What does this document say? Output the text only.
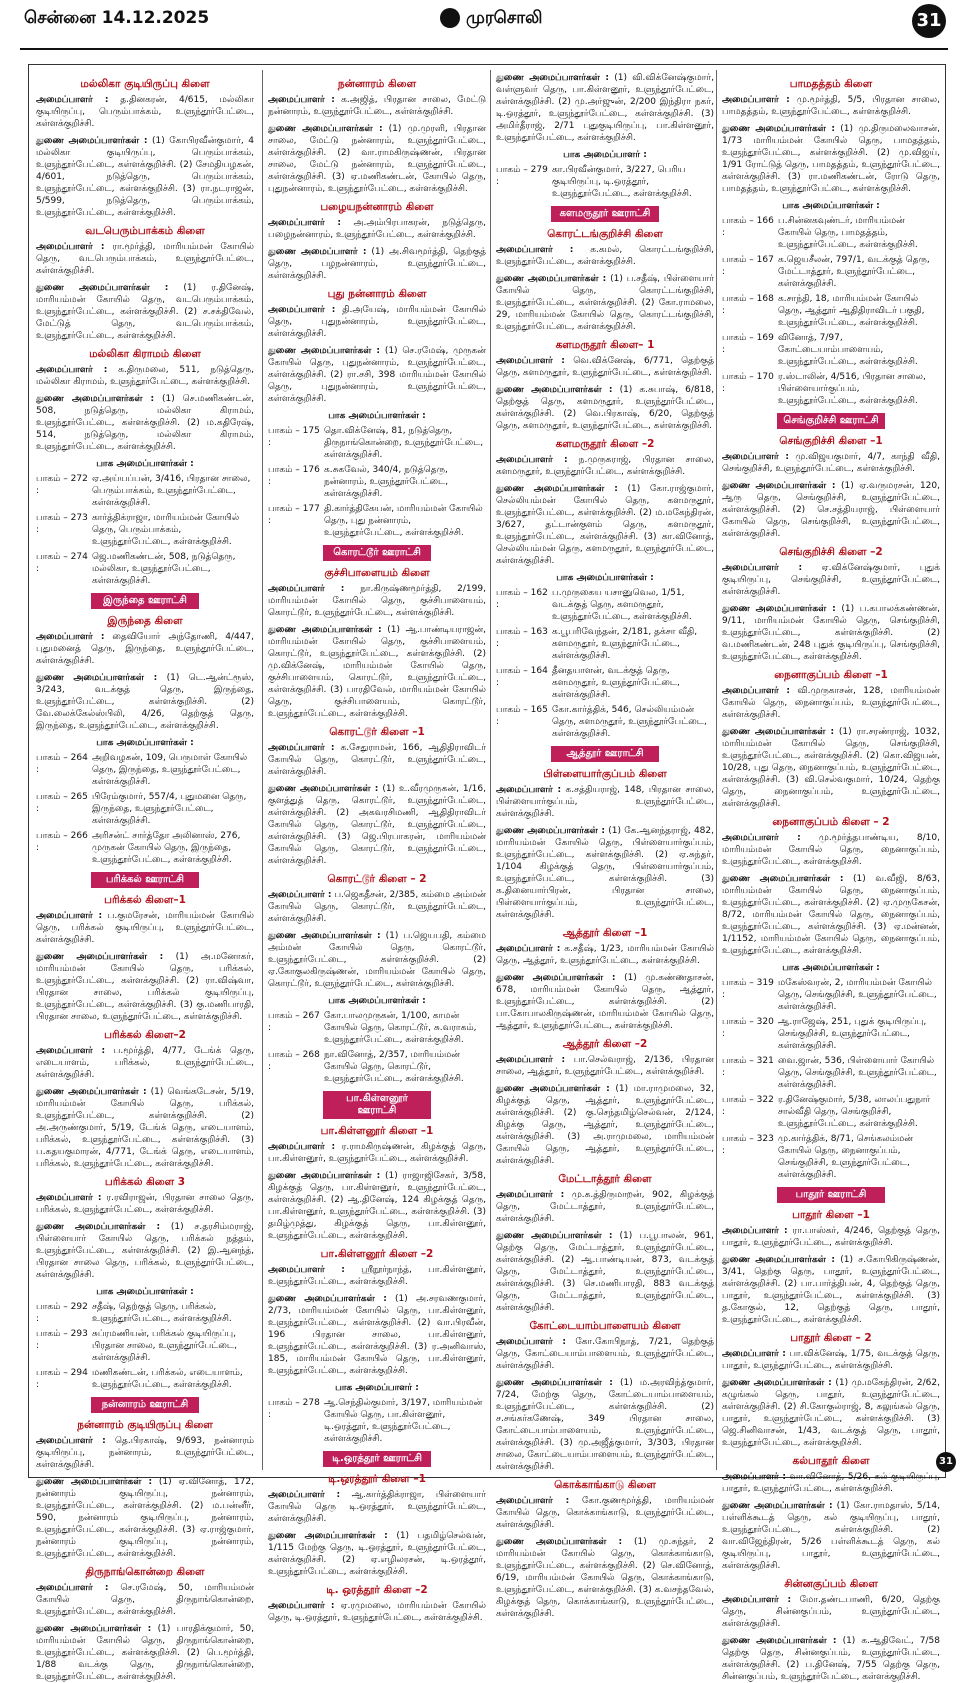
சென்னை 14.12.2025	முரசொலி	31
மல்லிகா குடியிருப்பு கிளை

அமைப்பாளர் : த.தினகரன், 4/615, மல்லிகா குடியிருப்பு, பெரும்பாக்கம், உளுந்தூர்பேட்டை, கள்ளக்குறிச்சி.

துணை அமைப்பாளர்கள் : (1) கோபிரவீன்குமார், 4 மல்லிகா குடியிருப்பு, பெரும்பாக்கம், உளுந்தூர்பேட்டை, கள்ளக்குறிச்சி. (2) சேமதியழகன், 4/601, நடுத்தெரு, பெரும்பாக்கம், உளுந்தூர்பேட்டை, கள்ளக்குறிச்சி. (3) ரா.நடராஜன், 5/599, நடுத்தெரு, பெரும்பாக்கம், உளுந்தூர்பேட்டை, கள்ளக்குறிச்சி.

வடபெரும்பாக்கம் கிளை

அமைப்பாளர் : ரா.மூர்த்தி, மாரியம்மன் கோயில் தெரு, வடபெரும்பாக்கம், உளுந்தூர்பேட்டை, கள்ளக்குறிச்சி.

துணை அமைப்பாளர்கள் : (1) ர.தினேஷ், மாரியம்மன் கோயில் தெரு, வடபெரும்பாக்கம், உளுந்தூர்பேட்டை, கள்ளக்குறிச்சி. (2) ச.சக்திவேல், மேட்டுத் தெரு, வடபெரும்பாக்கம், உளுந்தூர்பேட்டை, கள்ளக்குறிச்சி.

மல்லிகா கிராமம் கிளை

அமைப்பாளர் : க.திருமலை, 511, நடுத்தெரு, மல்லிகா கிராமம், உளுந்தூர்பேட்டை, கள்ளக்குறிச்சி.

துணை அமைப்பாளர்கள் : (1) செ.மணிகண்டன், 508, நடுத்தெரு, மல்லிகா கிராமம், உளுந்தூர்பேட்டை, கள்ளக்குறிச்சி. (2) ம.கதிரேஷ், 514, நடுத்தெரு, மல்லிகா கிராமம், உளுந்தூர்பேட்டை, கள்ளக்குறிச்சி.

பாக அமைப்பாளர்கள் :
பாகம் – 272 :
ஏ.அய்யப்பன், 3/416, பிரதான சாலை, பெரும்பாக்கம், உளுந்தூர்பேட்டை, கள்ளக்குறிச்சி.
பாகம் – 273 :
கார்த்திக்ராஜா, மாரியம்மன் கோயில் தெரு, பெரும்பாக்கம், உளுந்தூர்பேட்டை, கள்ளக்குறிச்சி.
பாகம் – 274 :
ஜெ.மணிகண்டன், 508, நடுத்தெரு, மல்லிகா, உளுந்தூர்பேட்டை, கள்ளக்குறிச்சி.
இருந்தை ஊராட்சி
இருந்தை கிளை

அமைப்பாளர் : தைவியோர் அந்தோணி, 4/447, புதுமனைத் தெரு, இருந்தை, உளுந்தூர்பேட்டை, கள்ளக்குறிச்சி.

துணை அமைப்பாளர்கள் : (1) டெ.ஆன்ட்ரூஸ், 3/243, வடக்குத் தெரு, இருந்தை, உளுந்தூர்பேட்டை, கள்ளக்குறிச்சி. (2) வே.லைக்கேல்ஸ்பிலி, 4/26, தெற்குத் தெரு, இருந்தை, உளுந்தூர்பேட்டை, கள்ளக்குறிச்சி.

பாக அமைப்பாளர்கள் :
பாகம் – 264 :
அறிவழகன், 109, பெருமாள் கோயில் தெரு, இருந்தை, உளுந்தூர்பேட்டை, கள்ளக்குறிச்சி.
பாகம் – 265 :
பிரேம்குமார், 557/4, புதுமனை தெரு, இருந்தை, உளுந்தூர்பேட்டை, கள்ளக்குறிச்சி.
பாகம் – 266 :
அரிசன்ட் சார்த்தோ அலினாஸ், 276, முருகன் கோயில் தெரு, இருந்தை, உளுந்தூர்பேட்டை, கள்ளக்குறிச்சி.
பரிக்கல் ஊராட்சி
பரிக்கல் கிளை–1

அமைப்பாளர் : ப.குமரேசன், மாரியம்மன் கோயில் தெரு, பரிக்கல் குடியிருப்பு, உளுந்தூர்பேட்டை, கள்ளக்குறிச்சி.

துணை அமைப்பாளர்கள் : (1) அ.மனோகர், மாரியம்மன் கோயில் தெரு, பரிக்கல், உளுந்தூர்பேட்டை, கள்ளக்குறிச்சி. (2) ரா.விஷ்வா, பிரதான சாலை, பரிக்கல் குடியிருப்பு, உளுந்தூர்பேட்டை, கள்ளக்குறிச்சி. (3) கு.மணிபாரதி, பிரதான சாலை, உளுந்தூர்பேட்டை, கள்ளக்குறிச்சி.

பரிக்கல் கிளை–2

அமைப்பாளர் : ப.மூர்த்தி, 4/77, டேங்க் தெரு, எடையாளம், பரிக்கல், உளுந்தூர்பேட்டை, கள்ளக்குறிச்சி.

துணை அமைப்பாளர்கள் : (1) வெங்கடேசன், 5/19, மாரியம்மன் கோயில் தெரு, பரிக்கல், உளுந்தூர்பேட்டை, கள்ளக்குறிச்சி. (2) அ.அருண்குமார், 5/19, டேங்க் தெரு, எடையாளம், பரிக்கல், உளுந்தூர்பேட்டை, கள்ளக்குறிச்சி. (3) ப.கதயகுமாரன், 4/771, டேங்க் தெரு, எடையாளம், பரிக்கல், உளுந்தூர்பேட்டை, கள்ளக்குறிச்சி.

பரிக்கல் கிளை 3

அமைப்பாளர் : ர.ரவிராஜன், பிரதான சாலை தெரு, பரிக்கல், உளுந்தூர்பேட்டை, கள்ளக்குறிச்சி.

துணை அமைப்பாளர்கள் : (1) ச.தரசிம்மராஜ், பிள்ளையார் கோயில் தெரு, பரிக்கல் நத்தம், உளுந்தூர்பேட்டை, கள்ளக்குறிச்சி. (2) இ.ஆனந்த், பிரதான சாலை தெரு, பரிக்கல், உளுந்தூர்பேட்டை, கள்ளக்குறிச்சி.

பாக அமைப்பாளர்கள் :
பாகம் – 292 :
சதீஷ், தெற்குத் தெரு, பரிக்கல், உளுந்தூர்பேட்டை, கள்ளக்குறிச்சி.
பாகம் – 293 :
சுப்ரமணியன், பரிக்கல் குடியிருப்பு, பிரதான சாலை, உளுந்தூர்பேட்டை, கள்ளக்குறிச்சி.
பாகம் – 294 :
மணிகண்டன், பரிக்கல், எடையாளம், உளுந்தூர்பேட்டை, கள்ளக்குறிச்சி.
நன்னாரம் ஊராட்சி
நன்னாரம் குடியிருப்பு கிளை

அமைப்பாளர் : தெ.பிரகாஷ், 9/693, நன்னாரம் குடியிருப்பு, நன்னாரம், உளுந்தூர்பேட்டை, கள்ளக்குறிச்சி.

துணை அமைப்பாளர்கள் : (1) ஏ.வினோத், 172, நன்னாரம் குடியிருப்பு, நன்னாரம், உளுந்தூர்பேட்டை, கள்ளக்குறிச்சி. (2) ம.பன்னீர், 590, நன்னாரம் குடியிருப்பு, நன்னாரம், உளுந்தூர்பேட்டை, கள்ளக்குறிச்சி. (3) ஏ.ராஜ்குமார், நன்னாரம் குடியிருப்பு, நன்னாரம், உளுந்தூர்பேட்டை, கள்ளக்குறிச்சி.

திருநாங்கொன்றை கிளை

அமைப்பாளர் : செ.ரமேஷ், 50, மாரியம்மன் கோயில் தெரு, திருநாங்கொன்றை, உளுந்தூர்பேட்டை, கள்ளக்குறிச்சி.

துணை அமைப்பாளர்கள் : (1) பாரதிக்குமார், 50, மாரியம்மன் கோயில் தெரு, திருநாங்கொன்றை, உளுந்தூர்பேட்டை, கள்ளக்குறிச்சி. (2) பெ.மூர்த்தி, 1/88 வடக்கு தெரு, திருநாங்கொன்றை, உளுந்தூர்பேட்டை, கள்ளக்குறிச்சி.

நன்னாரம் கிளை

அமைப்பாளர் : க.அஜித், பிரதான சாலை, மேட்டு நன்னாரம், உளுந்தூர்பேட்டை, கள்ளக்குறிச்சி.

துணை அமைப்பாளர்கள் : (1) மு.முரளி, பிரதான சாலை, மேட்டு நன்னாரம், உளுந்தூர்பேட்டை, கள்ளக்குறிச்சி. (2) வா.ராமகிருஷ்ணன், பிரதான சாலை, மேட்டு நன்னாரம், உளுந்தூர்பேட்டை, கள்ளக்குறிச்சி. (3) ஏ.மணிகண்டன், கோயில் தெரு, புதுநன்னாரம், உளுந்தூர்பேட்டை, கள்ளக்குறிச்சி.

பழையநன்னாரம் கிளை

அமைப்பாளர் : அ.அம்பிரபாகரன், நடுத்தெரு, பழைநன்னாரம், உளுந்தூர்பேட்டை, கள்ளக்குறிச்சி.

துணை அமைப்பாளர் : (1) அ.சிவமூர்த்தி, தெற்குத் தெரு, பழநன்னாரம், உளுந்தூர்பேட்டை, கள்ளக்குறிச்சி.

புது நன்னாரம் கிளை

அமைப்பாளர் : தி.அயேஷ், மாரியம்மன் கோயில் தெரு, புதுநன்னாரம், உளுந்தூர்பேட்டை, கள்ளக்குறிச்சி.

துணை அமைப்பாளர்கள் : (1) செ.ரமேஷ், முருகன் கோயில் தெரு, புதுநன்னாரம், உளுந்தூர்பேட்டை, கள்ளக்குறிச்சி. (2) ரா.சசி, 398 மாரியம்மன் கோயில் தெரு, புதுநன்னாரம், உளுந்தூர்பேட்டை, கள்ளக்குறிச்சி.

பாக அமைப்பாளர்கள் :
பாகம் – 175 :
தொ.விக்னேஷ், 81, நடுத்தெரு, திருநாங்கொன்றை, உளுந்தூர்பேட்டை, கள்ளக்குறிச்சி.
பாகம் – 176 :
க.சுகவேல், 340/4, நடுத்தெரு, நன்னாரம், உளுந்தூர்பேட்டை, கள்ளக்குறிச்சி.
பாகம் – 177 :
தி.கார்த்திகேயன், மாரியம்மன் கோயில் தெரு, புது நன்னாரம், உளுந்தூர்பேட்டை, கள்ளக்குறிச்சி.
கொரட்டூர் ஊராட்சி
குச்சிபாளையம் கிளை

அமைப்பாளர் : நா.கிருஷ்ணமூர்த்தி, 2/199, மாரியம்மன் கோயில் தெரு, குச்சிபாளையம், கொரட்டூர், உளுந்தூர்பேட்டை, கள்ளக்குறிச்சி.

துணை அமைப்பாளர்கள் : (1) ஆ.பாண்டியராஜன், மாரியம்மன் கோயில் தெரு, குச்சிபாளையம், கொரட்டூர், உளுந்தூர்பேட்டை, கள்ளக்குறிச்சி. (2) மு.விக்னேஷ், மாரியம்மன் கோயில் தெரு, குச்சிபாளையம், கொரட்டூர், உளுந்தூர்பேட்டை, கள்ளக்குறிச்சி. (3) பாரதிவேல், மாரியம்மன் கோயில் தெரு, குச்சிபாளையம், கொரட்டூர், உளுந்தூர்பேட்டை, கள்ளக்குறிச்சி.

கொரட்டூர் கிளை –1

அமைப்பாளர் : க.சேதுராமன், 166, ஆதிதிராவிடர் கோயில் தெரு, கொரட்டூர், உளுந்தூர்பேட்டை, கள்ளக்குறிச்சி.

துணை அமைப்பாளர்கள் : (1) உ.வீரமுருகன், 1/16, குளத்துத் தெரு, கொரட்டூர், உளுந்தூர்பேட்டை, கள்ளக்குறிச்சி. (2) அகவரசிமணி, ஆதிதிராவிடர் கோயில் தெரு, கொரட்டூர், உளுந்தூர்பேட்டை, கள்ளக்குறிச்சி. (3) ஜெ.பிரபாகரன், மாரியம்மன் கோயில் தெரு, கொரட்டூர், உளுந்தூர்பேட்டை, கள்ளக்குறிச்சி.

கொரட்டூர் கிளை – 2

அமைப்பாளர் : ப.ஜெகதீசன், 2/385, கம்மை அம்மன் கோயில் தெரு, கொரட்டூர், உளுந்தூர்பேட்டை, கள்ளக்குறிச்சி.

துணை அமைப்பாளர்கள் : (1) ப.ஜெயபதி, கம்மை அம்மன் கோயில் தெரு, கொரட்டூர், உளுந்தூர்பேட்டை, கள்ளக்குறிச்சி. (2) ஏ.கோகுலகிருஷ்ணன், மாரியம்மன் கோயில் தெரு, கொரட்டூர், உளுந்தூர்பேட்டை, கள்ளக்குறிச்சி.

பாக அமைப்பாளர்கள் :
பாகம் – 267 :
கோ.பாலமுருகன், 1/100, காமன் கோயில் தெரு, கொரட்டூர், சு.வராகம், உளுந்தூர்பேட்டை, கள்ளக்குறிச்சி.
பாகம் – 268 :
நா.வினோத், 2/357, மாரியம்மன் கோயில் தெரு, கொரட்டூர், உளுந்தூர்பேட்டை, கள்ளக்குறிச்சி.
பா.கிள்ளனூர் ஊராட்சி
பா.கிள்ளனூர் கிளை –1

அமைப்பாளர் : ர.ராமகிருஷ்ணன், கிழக்குத் தெரு, பா.கிள்ளனூர், உளுந்தூர்பேட்டை, கள்ளக்குறிச்சி.

துணை அமைப்பாளர்கள் : (1) ராஜாஜிசேகர், 3/58, கிழக்குத் தெரு, பா.கிள்ளனூர், உளுந்தூர்பேட்டை, கள்ளக்குறிச்சி. (2) ஆ.தினேஷ், 124 கிழக்குத் தெரு, பா.கிள்ளனூர், உளுந்தூர்பேட்டை, கள்ளக்குறிச்சி. (3) தமிழ்முத்து, கிழக்குத் தெரு, பா.கிள்ளனூர், உளுந்தூர்பேட்டை, கள்ளக்குறிச்சி.

பா.கிள்ளனூர் கிளை –2

அமைப்பாளர் : ஸ்ரீநூர்நாந்த், பா.கிள்ளனூர், உளுந்தூர்பேட்டை, கள்ளக்குறிச்சி.

துணை அமைப்பாளர்கள் : (1) அ.சரவணகுமார், 2/73, மாரியம்மன் கோயில் தெரு, பா.கிள்ளனூர், உளுந்தூர்பேட்டை, கள்ளக்குறிச்சி. (2) வா.பிரவீன், 196 பிரதான சாலை, பா.கிள்ளனூர், உளுந்தூர்பேட்டை, கள்ளக்குறிச்சி. (3) ர.அனிவாஸ், 185, மாரியம்மன் கோயில் தெரு, பா.கிள்ளனூர், உளுந்தூர்பேட்டை, கள்ளக்குறிச்சி.

பாக அமைப்பாளர் :
பாகம் – 278 :
ஆ.செந்தில்குமார், 3/197, மாரியம்மன் கோயில் தெரு, பா.கிள்ளனூர், டி.ஒரத்தூர், உளுந்தூர்பேட்டை, கள்ளக்குறிச்சி.
டி.ஒரத்தூர் ஊராட்சி
டி.ஒரத்தூர் கிளை –1

அமைப்பாளர் : ஆ.கார்த்திக்ராஜா, பிள்ளையார் கோயில் தெரு டி.ஒரத்தூர், உளுந்தூர்பேட்டை, கள்ளக்குறிச்சி.

துணை அமைப்பாளர்கள் : (1) பதமிழ்செல்வன், 1/115 மேற்கு தெரு, டி.ஒரத்தூர், உளுந்தூர்பேட்டை, கள்ளக்குறிச்சி. (2) ஏ.எழிலரசன், டி.ஒரத்தூர், உளுந்தூர்பேட்டை, கள்ளக்குறிச்சி.

டி. ஒரத்தூர் கிளை –2

அமைப்பாளர் : ஏ.ரமுமலை, மாரியம்மன் கோயில் தெரு, டி.ஒரத்தூர், உளுந்தூர்பேட்டை, கள்ளக்குறிச்சி.

துணை அமைப்பாளர்கள் : (1) வி.விக்னேஷ்குமார், வள்ளுவர் தெரு, பா.கிள்ளனூர், உளுந்தூர்பேட்டை, கள்ளக்குறிச்சி. (2) மு.அர்ஜுன், 2/200 இந்திரா நகர், டி.ஒரத்தூர், உளுந்தூர்பேட்டை, கள்ளக்குறிச்சி. (3) அமிர்தீராஜ், 2/71 புதுகுடியிருப்பு, பா.கிள்ளனூர், உளுந்தூர்பேட்டை, கள்ளக்குறிச்சி.

பாக அமைப்பாளர் :
பாகம் – 279 :
கா.பிரவீன்குமார், 3/227, பெரிய குடியிருப்பு, டி.ஒரத்தூர், உளுந்தூர்பேட்டை, கள்ளக்குறிச்சி.
களமருதூர் ஊராட்சி
கொரட்டங்குறிச்சி கிளை

அமைப்பாளர் : க.கமல், கொரட்டங்குறிச்சி, உளுந்தூர்பேட்டை, கள்ளக்குறிச்சி.

துணை அமைப்பாளர்கள் : (1) ப.சதீஷ், பிள்ளையார் கோயில் தெரு, கொரட்டங்குறிச்சி, உளுந்தூர்பேட்டை, கள்ளக்குறிச்சி. (2) கோ.ராமலை, 29, மாரியம்மன் கோயில் தெரு, கொரட்டங்குறிச்சி, உளுந்தூர்பேட்டை, கள்ளக்குறிச்சி.

களமருதூர் கிளை– 1

அமைப்பாளர் : வெ.விக்னேஷ், 6/771, தெற்குத் தெரு, களமருதூர், உளுந்தூர்பேட்டை, கள்ளக்குறிச்சி.

துணை அமைப்பாளர்கள் : (1) க.சுபாஷ், 6/818, தெற்குத் தெரு, களமருதூர், உளுந்தூர்பேட்டை, கள்ளக்குறிச்சி. (2) வெ.பிரகாஷ், 6/20, தெற்குத் தெரு, களமருதூர், உளுந்தூர்பேட்டை, கள்ளக்குறிச்சி.

களமருதூர் கிளை –2

அமைப்பாளர் : ந.முருகராஜ், பிரதான சாலை, களமருதூர், உளுந்தூர்பேட்டை, கள்ளக்குறிச்சி.

துணை அமைப்பாளர்கள் : (1) கோ.ராஜ்குமார், செல்லியம்மன் கோயில் தெரு, களமருதூர், உளுந்தூர்பேட்டை, கள்ளக்குறிச்சி. (2) ம.மகேந்திரன், 3/627, தட்டான்குளம் தெரு, களமருதூர், உளுந்தூர்பேட்டை, கள்ளக்குறிச்சி. (3) கா.வினோத், செல்லியம்மன் தெரு, களமருதூர், உளுந்தூர்பேட்டை, கள்ளக்குறிச்சி.

பாக அமைப்பாளர்கள் :
பாகம் – 162 :
ப.முருகைய யசானுவெல, 1/51, வடக்குத் தெரு, களமருதூர், உளுந்தூர்பேட்டை, கள்ளக்குறிச்சி.
பாகம் – 163 :
க.பூபரிவேந்தன், 2/181, தக்சா வீதி, களமருதூர், உளுந்தூர்பேட்டை, கள்ளக்குறிச்சி.
பாகம் – 164 :
தீனதயாளன், வடக்குத் தெரு, களமருதூர், உளுந்தூர்பேட்டை, கள்ளக்குறிச்சி.
பாகம் – 165 :
கோ.கார்த்திக், 546, செல்லியம்மன் தெரு, களமருதூர், உளுந்தூர்பேட்டை, கள்ளக்குறிச்சி.
ஆத்தூர் ஊராட்சி
பிள்ளையார்குப்பம் கிளை

அமைப்பாளர் : க.சத்தியராஜ், 148, பிரதான சாலை, பிள்ளையார்குப்பம், உளுந்தூர்பேட்டை, கள்ளக்குறிச்சி.

துணை அமைப்பாளர்கள் : (1) கே.ஆனந்தராஜ், 482, மாரியம்மன் கோயில் தெரு, பிள்ளையார்குப்பம், உளுந்தூர்பேட்டை, கள்ளக்குறிச்சி. (2) ஏ.சுந்தர், 1/104 கிழக்குத் தெரு, பிள்ளையார்குப்பம், உளுந்தூர்பேட்டை, கள்ளக்குறிச்சி. (3) க.தினையார்பிரன், பிரதான சாலை, பிள்ளையார்குப்பம், உளுந்தூர்பேட்டை, கள்ளக்குறிச்சி.

ஆத்தூர் கிளை –1

அமைப்பாளர் : க.சதீஷ், 1/23, மாரியம்மன் கோயில் தெரு, ஆத்தூர், உளுந்தூர்பேட்டை, கள்ளக்குறிச்சி.

துணை அமைப்பாளர்கள் : (1) மு.கண்ணதாசன், 678, மாரியம்மன் கோயில் தெரு, ஆத்தூர், உளுந்தூர்பேட்டை, கள்ளக்குறிச்சி. (2) பா.கோபாலகிருஷ்ணன், மாரியம்மன் கோயில் தெரு, ஆத்தூர், உளுந்தூர்பேட்டை, கள்ளக்குறிச்சி.

ஆத்தூர் கிளை –2

அமைப்பாளர் : பா.செல்வராஜ், 2/136, பிரதான சாலை, ஆத்தூர், உளுந்தூர்பேட்டை, கள்ளக்குறிச்சி.

துணை அமைப்பாளர்கள் : (1) மா.ராமுமலை, 32, கிழக்குத் தெரு, ஆத்தூர், உளுந்தூர்பேட்டை, கள்ளக்குறிச்சி. (2) கு.செந்தமிழ்செல்வன், 2/124, கிழக்கு தெரு, ஆத்தூர், உளுந்தூர்பேட்டை, கள்ளக்குறிச்சி. (3) அ.ராமுமலை, மாரியம்மன் கோயில் தெரு, ஆத்தூர், உளுந்தூர்பேட்டை, கள்ளக்குறிச்சி.

மேட்டாத்தூர் கிளை

அமைப்பாளர் : மு.க.த்திருமாறன், 902, கிழக்குத் தெரு, மேட்டாத்தூர், உளுந்தூர்பேட்டை, கள்ளக்குறிச்சி.

துணை அமைப்பாளர்கள் : (1) ப.பூபாலன், 961, தெற்கு தெரு, மேட்டாத்தூர், உளுந்தூர்பேட்டை, கள்ளக்குறிச்சி. (2) ஆ.பாண்டியன், 873, வடக்குத் தெரு, மேட்டாத்தூர், உளுந்தூர்பேட்டை, கள்ளக்குறிச்சி. (3) செ.மணிபாரதி, 883 வடக்குத் தெரு, மேட்டாத்தூர், உளுந்தூர்பேட்டை, கள்ளக்குறிச்சி.

கோட்டையாம்பாளையம் கிளை

அமைப்பாளர் : கோ.கோபிநாத், 7/21, தெற்குத் தெரு, கோட்டையாம்பாளையம், உளுந்தூர்பேட்டை, கள்ளக்குறிச்சி.

துணை அமைப்பாளர்கள் : (1) ம.அரவிந்த்குமார், 7/24, மேற்கு தெரு, கோட்டையாம்பாளையம், உளுந்தூர்பேட்டை, கள்ளக்குறிச்சி. (2) ச.சங்கர்கணேஷ், 349 பிரதான சாலை, கோட்டையாம்பாளையம், உளுந்தூர்பேட்டை, கள்ளக்குறிச்சி. (3) மு.அஜீத்குமார், 3/303, பிரதான சாலை, கோட்டையாம்பாளையம், உளுந்தூர்பேட்டை, கள்ளக்குறிச்சி.

கொக்காங்காடு கிளை

அமைப்பாளர் : கோ.குணமூர்த்தி, மாரியம்மன் கோயில் தெரு, கொக்காங்காடு, உளுந்தூர்பேட்டை, கள்ளக்குறிச்சி.

துணை அமைப்பாளர்கள் : (1) மு.சுந்தர், 2 மாரியம்மன் கோயில் தெரு, கொக்காங்காடு, உளுந்தூர்பேட்டை, கள்ளக்குறிச்சி. (2) செ.வினோத், 6/19, மாரியம்மன் கோயில் தெரு, கொக்காங்காடு, உளுந்தூர்பேட்டை, கள்ளக்குறிச்சி. (3) க.வசந்தவேல், கிழக்குத் தெரு, கொக்காங்காடு, உளுந்தூர்பேட்டை, கள்ளக்குறிச்சி.

பாமதத்தம் கிளை

அமைப்பாளர் : மு.மூர்த்தி, 5/5, பிரதான சாலை, பாமதத்தம், உளுந்தூர்பேட்டை, கள்ளக்குறிச்சி.

துணை அமைப்பாளர்கள் : (1) மு.திருமலைவாசன், 1/73 மாரியம்மன் கோயில் தெரு, பாமதத்தம், உளுந்தூர்பேட்டை, கள்ளக்குறிச்சி. (2) மு.விஜய், 1/91 ரோட்டுத் தெரு, பாமதத்தம், உளுந்தூர்பேட்டை, கள்ளக்குறிச்சி. (3) ரா.மணிகண்டன், ரோடு தெரு, பாமதத்தம், உளுந்தூர்பேட்டை, கள்ளக்குறிச்சி.

பாக அமைப்பாளர்கள் :
பாகம் – 166 :
ப.சின்னகவுண்டர், மாரியம்மன் கோயில் தெரு, பாமதத்தம், உளுந்தூர்பேட்டை, கள்ளக்குறிச்சி.
பாகம் – 167 :
க.ஜெயசீலன், 797/1, வடக்குத் தெரு, மேட்டாத்தூர், உளுந்தூர்பேட்டை, கள்ளக்குறிச்சி.
பாகம் – 168 :
க.சாந்தி, 18, மாரியம்மன் கோயில் தெரு, ஆத்தூர் ஆதிதிராவிடர் பகுதி, உளுந்தூர்பேட்டை, கள்ளக்குறிச்சி.
பாகம் – 169 :
வினோத், 7/97, கோட்டையாம்பாளையம், உளுந்தூர்பேட்டை, கள்ளக்குறிச்சி.
பாகம் – 170 :
ர.ஸ்டாலின், 4/516, பிரதான சாலை, பிள்ளையார்குப்பம், உளுந்தூர்பேட்டை, கள்ளக்குறிச்சி.
செங்குறிச்சி ஊராட்சி
செங்குறிச்சி கிளை –1

அமைப்பாளர் : மு.விஜயகுமார், 4/7, காந்தி வீதி, செங்குறிச்சி, உளுந்தூர்பேட்டை, கள்ளக்குறிச்சி.

துணை அமைப்பாளர்கள் : (1) ஏ.வருமரசன், 120, ஆரு தெரு, செங்குறிச்சி, உளுந்தூர்பேட்டை, கள்ளக்குறிச்சி. (2) செ.சத்தியராஜ், பிள்ளையார் கோயில் தெரு, செங்குறிச்சி, உளுந்தூர்பேட்டை, கள்ளக்குறிச்சி.

செங்குறிச்சி கிளை –2

அமைப்பாளர் : ஏ.விக்னேஷ்குமார், புதுக் குடியிருப்பு, செங்குறிச்சி, உளுந்தூர்பேட்டை, கள்ளக்குறிச்சி.

துணை அமைப்பாளர்கள் : (1) ப.கபாலக்கண்ணன், 9/11, மாரியம்மன் கோயில் தெரு, செங்குறிச்சி, உளுந்தூர்பேட்டை, கள்ளக்குறிச்சி. (2) வ.மணிகண்டன், 248 புதுக் குடியிருப்பு, செங்குறிச்சி, உளுந்தூர்பேட்டை, கள்ளக்குறிச்சி.

நைனாகுப்பம் கிளை –1

அமைப்பாளர் : வி.முருகாசன், 128, மாரியம்மன் கோயில் தெரு, நைனாகுப்பம், உளுந்தூர்பேட்டை, கள்ளக்குறிச்சி.

துணை அமைப்பாளர்கள் : (1) ரா.சரண்ராஜ், 1032, மாரியம்மன் கோயில் தெரு, செங்குறிச்சி, உளுந்தூர்பேட்டை, கள்ளக்குறிச்சி. (2) கொ.விஜயன், 10/28, புது தெரு, நைனாகுப்பம், உளுந்தூர்பேட்டை, கள்ளக்குறிச்சி. (3) வி.செல்வகுமார், 10/24, தெற்கு தெரு, நைனாகுப்பம், உளுந்தூர்பேட்டை, கள்ளக்குறிச்சி.

நைனாகுப்பம் கிளை – 2

அமைப்பாளர் : மு.மூர்த்தபாண்டிய, 8/10, மாரியம்மன் கோயில் தெரு, நைனாகுப்பம், உளுந்தூர்பேட்டை, கள்ளக்குறிச்சி.

துணை அமைப்பாளர்கள் : (1) வ.வீஜி, 8/63, மாரியம்மன் கோயில் தெரு, நைனாகுப்பம், உளுந்தூர்பேட்டை, கள்ளக்குறிச்சி. (2) ஏ.முருகேசன், 8/72, மாரியம்மன் கோயில் தெரு, நைனாகுப்பம், உளுந்தூர்பேட்டை, கள்ளக்குறிச்சி. (3) ஏ.மன்னன், 1/1152, மாரியம்மன் கோயில் தெரு, நைனாகுப்பம், உளுந்தூர்பேட்டை, கள்ளக்குறிச்சி.

பாக அமைப்பாளர்கள் :
பாகம் – 319 :
மகேஸ்வரன், 2, மாரியம்மன் கோயில் தெரு, செங்குறிச்சி, உளுந்தூர்பேட்டை, கள்ளக்குறிச்சி.
பாகம் – 320 :
ஆ.ராஜேஷ், 251, புதுக் குடியிருப்பு, செங்குறிச்சி, உளுந்தூர்பேட்டை, கள்ளக்குறிச்சி.
பாகம் – 321 :
வை.ஜான், 536, பிள்ளையார் கோயில் தெரு, செங்குறிச்சி, உளுந்தூர்பேட்டை, கள்ளக்குறிச்சி.
பாகம் – 322 :
ர.தினேஷ்குமார், 5/38, லாலப்பதுநார் சால்வீதி தெரு, செங்குறிச்சி, உளுந்தூர்பேட்டை, கள்ளக்குறிச்சி.
பாகம் – 323 :
மு.கார்த்திக், 8/71, செங்கலம்மன் கோயில் தெரு, நைனாகுப்பம், செங்குறிச்சி, உளுந்தூர்பேட்டை, கள்ளக்குறிச்சி.
பாதூர் ஊராட்சி
பாதூர் கிளை –1

அமைப்பாளர் : ரா.பாஸ்கர், 4/246, தெற்குத் தெரு, பாதூர், உளுந்தூர்பேட்டை, கள்ளக்குறிச்சி.

துணை அமைப்பாளர்கள் : (1) ச.கோபிகிருஷ்ணன், 3/41, தெற்கு தெரு, பாதூர், உளுந்தூர்பேட்டை, கள்ளக்குறிச்சி. (2) பா.பார்த்திபன், 4, தெற்குத் தெரு, பாதூர், உளுந்தூர்பேட்டை, கள்ளக்குறிச்சி. (3) த.கோகுல், 12, தெற்குத் தெரு, பாதூர், உளுந்தூர்பேட்டை, கள்ளக்குறிச்சி.

பாதூர் கிளை – 2

அமைப்பாளர் : பா.விக்னேஷ், 1/75, வடக்குத் தெரு, பாதூர், உளுந்தூர்பேட்டை, கள்ளக்குறிச்சி.

துணை அமைப்பாளர்கள் : (1) மு.மகேந்திரன், 2/62, கழுங்கல் தெரு, பாதூர், உளுந்தூர்பேட்டை, கள்ளக்குறிச்சி. (2) சி.கோகுல்ராஜ், 8, கலுங்கல் தெரு, பாதூர், உளுந்தூர்பேட்டை, கள்ளக்குறிச்சி. (3) ஜெ.சினிவாசன், 1/43, வடக்குத் தெரு, பாதூர், உளுந்தூர்பேட்டை, கள்ளக்குறிச்சி.

கல்பாதூர் கிளை

அமைப்பாளர் : வா.வினோத், 5/26, கல் குடியிருப்பு, பாதூர், உளுந்தூர்பேட்டை, கள்ளக்குறிச்சி.

துணை அமைப்பாளர்கள் : (1) கோ.ராமதாஸ், 5/14, பள்ளிக்கூடத் தெரு, கல் குடியிருப்பு, பாதூர், உளுந்தூர்பேட்டை, கள்ளக்குறிச்சி. (2) வா.விஜேந்திரன், 5/26 பள்ளிக்கூடத் தெரு, கல் குடியிருப்பு, பாதூர், உளுந்தூர்பேட்டை, கள்ளக்குறிச்சி.

சின்னகுப்பம் கிளை

அமைப்பாளர் : மோ.தண்டபாணி, 6/20, தெற்கு தெரு, சின்னகுப்பம், உளுந்தூர்பேட்டை, கள்ளக்குறிச்சி.

துணை அமைப்பாளர்கள் : (1) க.ஆதிவேட், 7/58 தெற்கு தெரு, சின்னகுப்பம், உளுந்தூர்பேட்டை, கள்ளக்குறிச்சி. (2) ப.தினேஷ், 7/55 தெற்கு தெரு, சின்னகுப்பம், உளுந்தூர்பேட்டை, கள்ளக்குறிச்சி.

31
